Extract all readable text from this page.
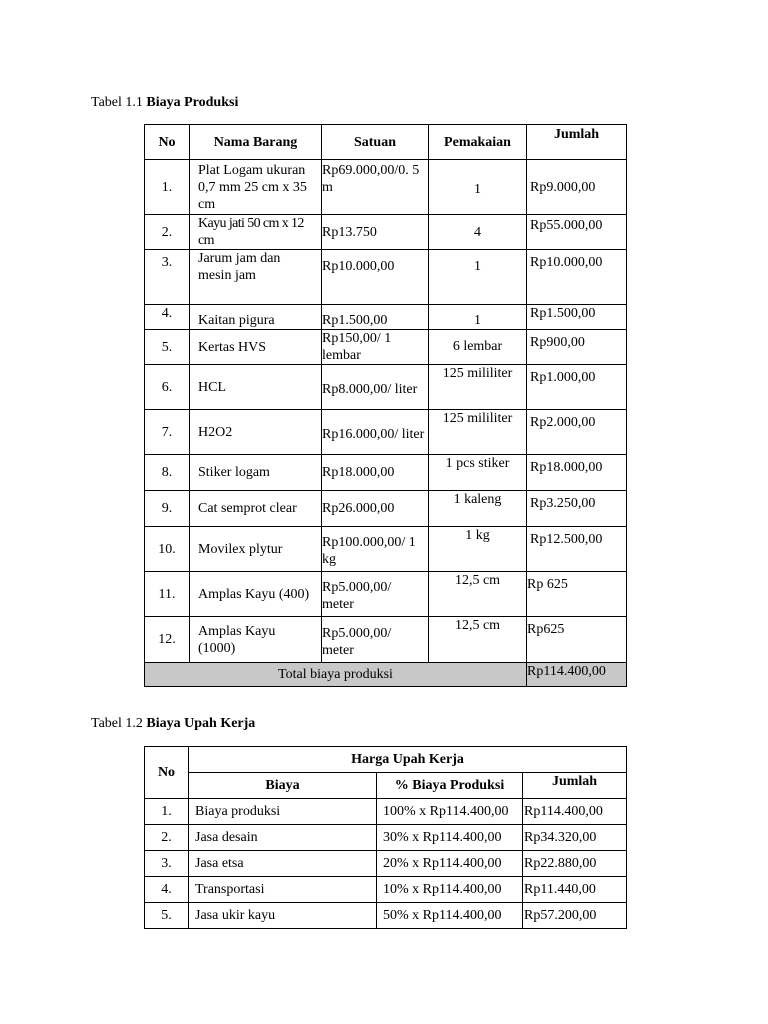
Tabel 1.1 Biaya Produksi
No	Nama Barang	Satuan	Pemakaian	Jumlah
1.	Plat Logam ukuran 0,7 mm 25 cm x 35 cm	Rp69.000,00/0. 5 m	1	Rp9.000,00
2.	Kayu jati 50 cm x 12 cm	Rp13.750	4	Rp55.000,00
3.	Jarum jam dan mesin jam	Rp10.000,00	1	Rp10.000,00
4.	Kaitan pigura	Rp1.500,00	1	Rp1.500,00
5.	Kertas HVS	Rp150,00/ 1 lembar	6 lembar	Rp900,00
6.	HCL	Rp8.000,00/ liter	125 mililiter	Rp1.000,00
7.	H2O2	Rp16.000,00/ liter	125 mililiter	Rp2.000,00
8.	Stiker logam	Rp18.000,00	1 pcs stiker	Rp18.000,00
9.	Cat semprot clear	Rp26.000,00	1 kaleng	Rp3.250,00
10.	Movilex plytur	Rp100.000,00/ 1 kg	1 kg	Rp12.500,00
11.	Amplas Kayu (400)	Rp5.000,00/ meter	12,5 cm	Rp 625
12.	Amplas Kayu (1000)	Rp5.000,00/ meter	12,5 cm	Rp625
Total biaya produksi				Rp114.400,00
Tabel 1.2 Biaya Upah Kerja
No	Harga Upah Kerja		
	Biaya	% Biaya Produksi	Jumlah
1.	Biaya produksi	100% x Rp114.400,00	Rp114.400,00
2.	Jasa desain	30% x Rp114.400,00	Rp34.320,00
3.	Jasa etsa	20% x Rp114.400,00	Rp22.880,00
4.	Transportasi	10% x Rp114.400,00	Rp11.440,00
5.	Jasa ukir kayu	50% x Rp114.400,00	Rp57.200,00
